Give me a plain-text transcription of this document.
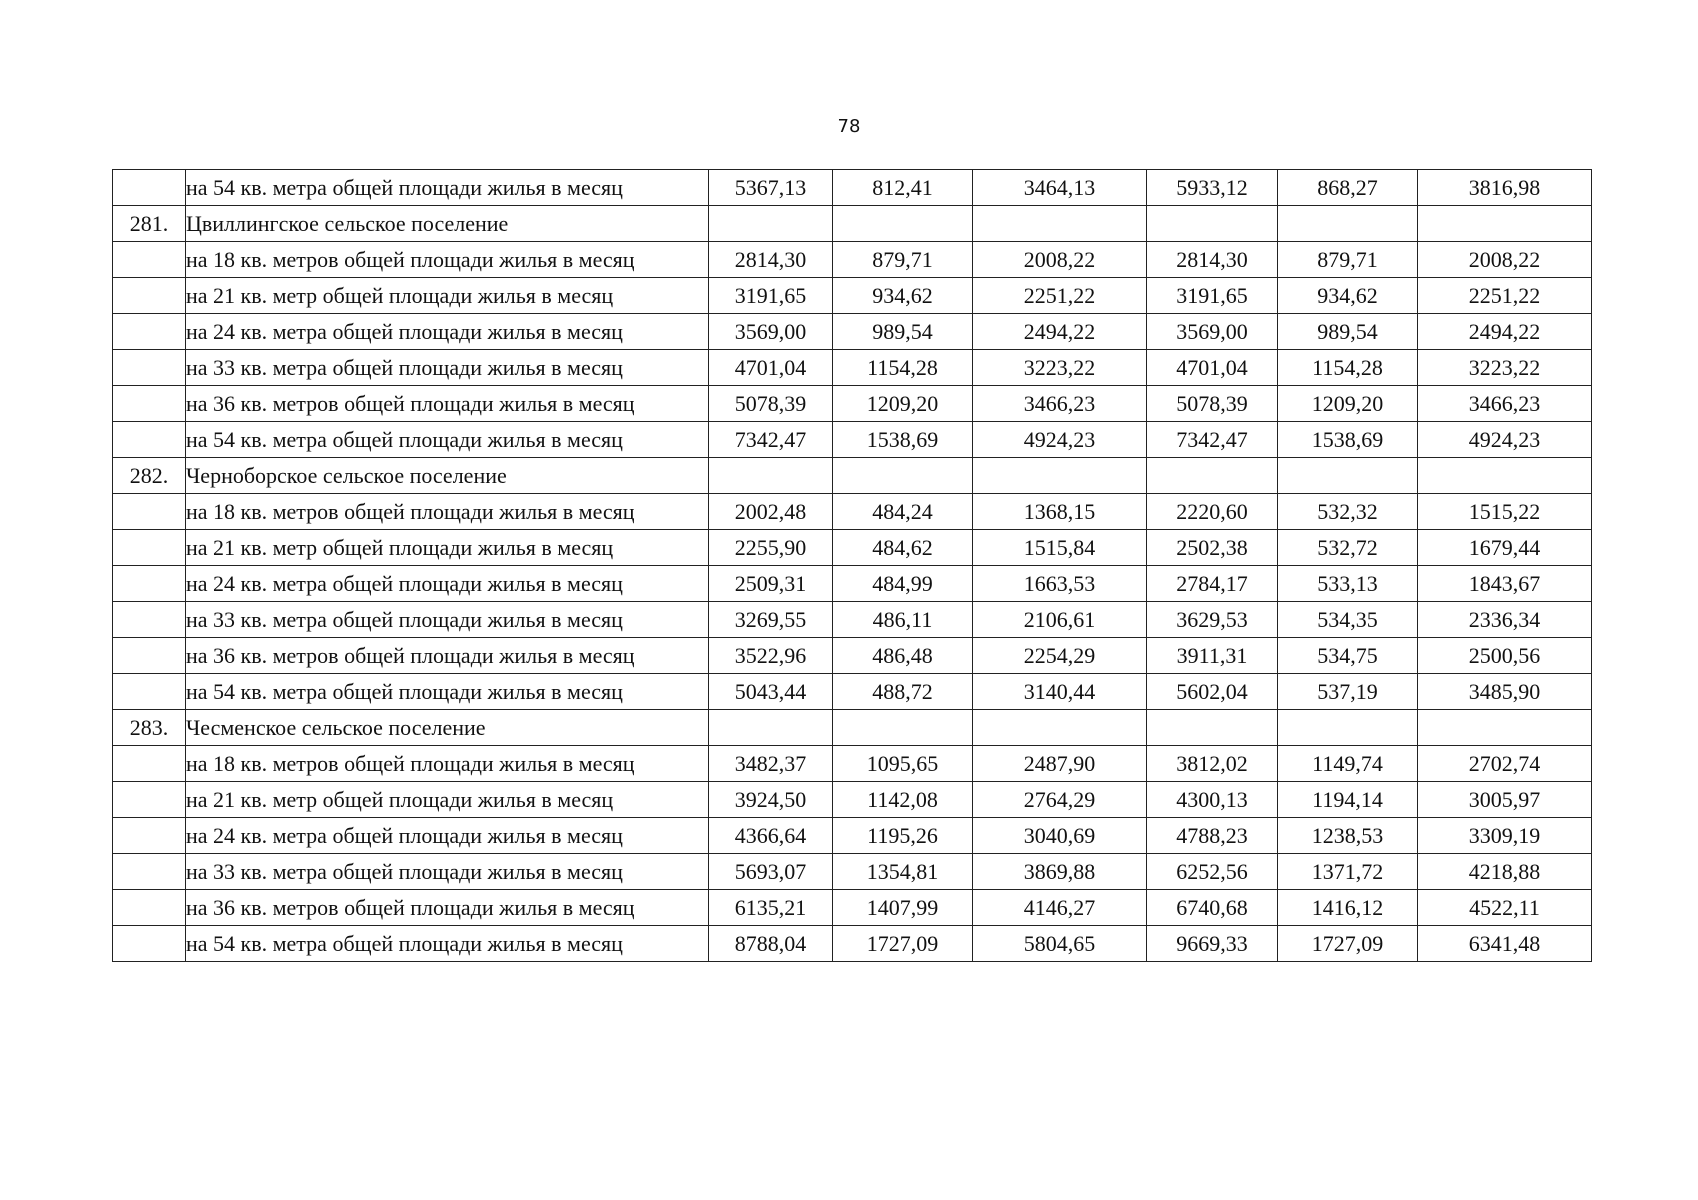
78
	на 54 кв. метра общей площади жилья в месяц	5367,13	812,41	3464,13	5933,12	868,27	3816,98
281.	Цвиллингское сельское поселение						
	на 18 кв. метров общей площади жилья в месяц	2814,30	879,71	2008,22	2814,30	879,71	2008,22
	на 21 кв. метр общей площади жилья в месяц	3191,65	934,62	2251,22	3191,65	934,62	2251,22
	на 24 кв. метра общей площади жилья в месяц	3569,00	989,54	2494,22	3569,00	989,54	2494,22
	на 33 кв. метра общей площади жилья в месяц	4701,04	1154,28	3223,22	4701,04	1154,28	3223,22
	на 36 кв. метров общей площади жилья в месяц	5078,39	1209,20	3466,23	5078,39	1209,20	3466,23
	на 54 кв. метра общей площади жилья в месяц	7342,47	1538,69	4924,23	7342,47	1538,69	4924,23
282.	Черноборское сельское поселение						
	на 18 кв. метров общей площади жилья в месяц	2002,48	484,24	1368,15	2220,60	532,32	1515,22
	на 21 кв. метр общей площади жилья в месяц	2255,90	484,62	1515,84	2502,38	532,72	1679,44
	на 24 кв. метра общей площади жилья в месяц	2509,31	484,99	1663,53	2784,17	533,13	1843,67
	на 33 кв. метра общей площади жилья в месяц	3269,55	486,11	2106,61	3629,53	534,35	2336,34
	на 36 кв. метров общей площади жилья в месяц	3522,96	486,48	2254,29	3911,31	534,75	2500,56
	на 54 кв. метра общей площади жилья в месяц	5043,44	488,72	3140,44	5602,04	537,19	3485,90
283.	Чесменское сельское поселение						
	на 18 кв. метров общей площади жилья в месяц	3482,37	1095,65	2487,90	3812,02	1149,74	2702,74
	на 21 кв. метр общей площади жилья в месяц	3924,50	1142,08	2764,29	4300,13	1194,14	3005,97
	на 24 кв. метра общей площади жилья в месяц	4366,64	1195,26	3040,69	4788,23	1238,53	3309,19
	на 33 кв. метра общей площади жилья в месяц	5693,07	1354,81	3869,88	6252,56	1371,72	4218,88
	на 36 кв. метров общей площади жилья в месяц	6135,21	1407,99	4146,27	6740,68	1416,12	4522,11
	на 54 кв. метра общей площади жилья в месяц	8788,04	1727,09	5804,65	9669,33	1727,09	6341,48
